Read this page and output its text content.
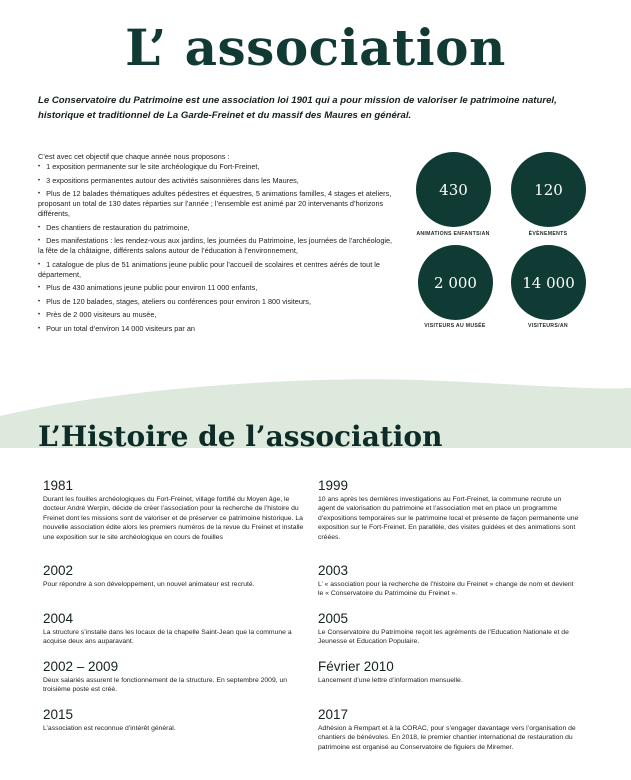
L’ association

Le Conservatoire du Patrimoine est une association loi 1901 qui a pour mission de valoriser le patrimoine naturel, historique et traditionnel de La Garde-Freinet et du massif des Maures en général.

C’est avec cet objectif que chaque année nous proposons :

• 1 exposition permanente sur le site archéologique du Fort-Freinet,
• 3 expositions permanentes autour des activités saisonnières dans les Maures,
• Plus de 12 balades thématiques adultes pédestres et équestres, 5 animations familles, 4 stages et ateliers, proposant un total de 130 dates réparties sur l’année ; l’ensemble est animé par 20 intervenants d’horizons différents,
• Des chantiers de restauration du patrimoine,
• Des manifestations : les rendez-vous aux jardins, les journées du Patrimoine, les journées de l’archéologie, la fête de la châtaigne, différents salons autour de l’éducation à l’environnement,
• 1 catalogue de plus de 51 animations jeune public pour l’accueil de scolaires et centres aérés de tout le département,
• Plus de 430 animations jeune public pour environ 11 000 enfants,
• Plus de 120 balades, stages, ateliers ou conférences pour environ 1 800 visiteurs,
• Près de 2 000 visiteurs au musée,
• Pour un total d’environ 14 000 visiteurs par an
430
ANIMATIONS ENFANTS/AN
120
ÉVÈNEMENTS
2 000
VISITEURS AU MUSÉE
14 000
VISITEURS/AN
L’Histoire de l’association
1981
Durant les fouilles archéologiques du Fort-Freinet, village fortifié du Moyen âge, le docteur André Werpin, décide de créer l’association pour la recherche de l’histoire du Freinet dont les missions sont de valoriser et de préserver ce patrimoine historique. La nouvelle association édite alors les premiers numéros de la revue du Freinet et installe une exposition sur le site archéologique en cours de fouilles
1999
10 ans après les dernières investigations au Fort-Freinet, la commune recrute un agent de valorisation du patrimoine et l’association met en place un programme d’expositions temporaires sur le patrimoine local et présente de façon permanente une exposition sur le Fort-Freinet. En parallèle, des visites guidées et des animations sont créées.
2002
Pour répondre à son développement, un nouvel animateur est recruté.
2003
L’ « association pour la recherche de l’histoire du Freinet » change de nom et devient le « Conservatoire du Patrimoine du Freinet ».
2004
La structure s’installe dans les locaux de la chapelle Saint-Jean que la commune a acquise deux ans auparavant.
2005
Le Conservatoire du Patrimoine reçoit les agréments de l’Education Nationale et de Jeunesse et Education Populaire.
2002 – 2009
Deux salariés assurent le fonctionnement de la structure. En septembre 2009, un troisième poste est créé.
Février 2010
Lancement d’une lettre d’information mensuelle.
2015
L’association est reconnue d’intérêt général.
2017
Adhésion à Rempart et à la CORAC, pour s’engager davantage vers l’organisation de chantiers de bénévoles. En 2018, le premier chantier international de restauration du patrimoine est organisé au Conservatoire de figuiers de Miremer.
